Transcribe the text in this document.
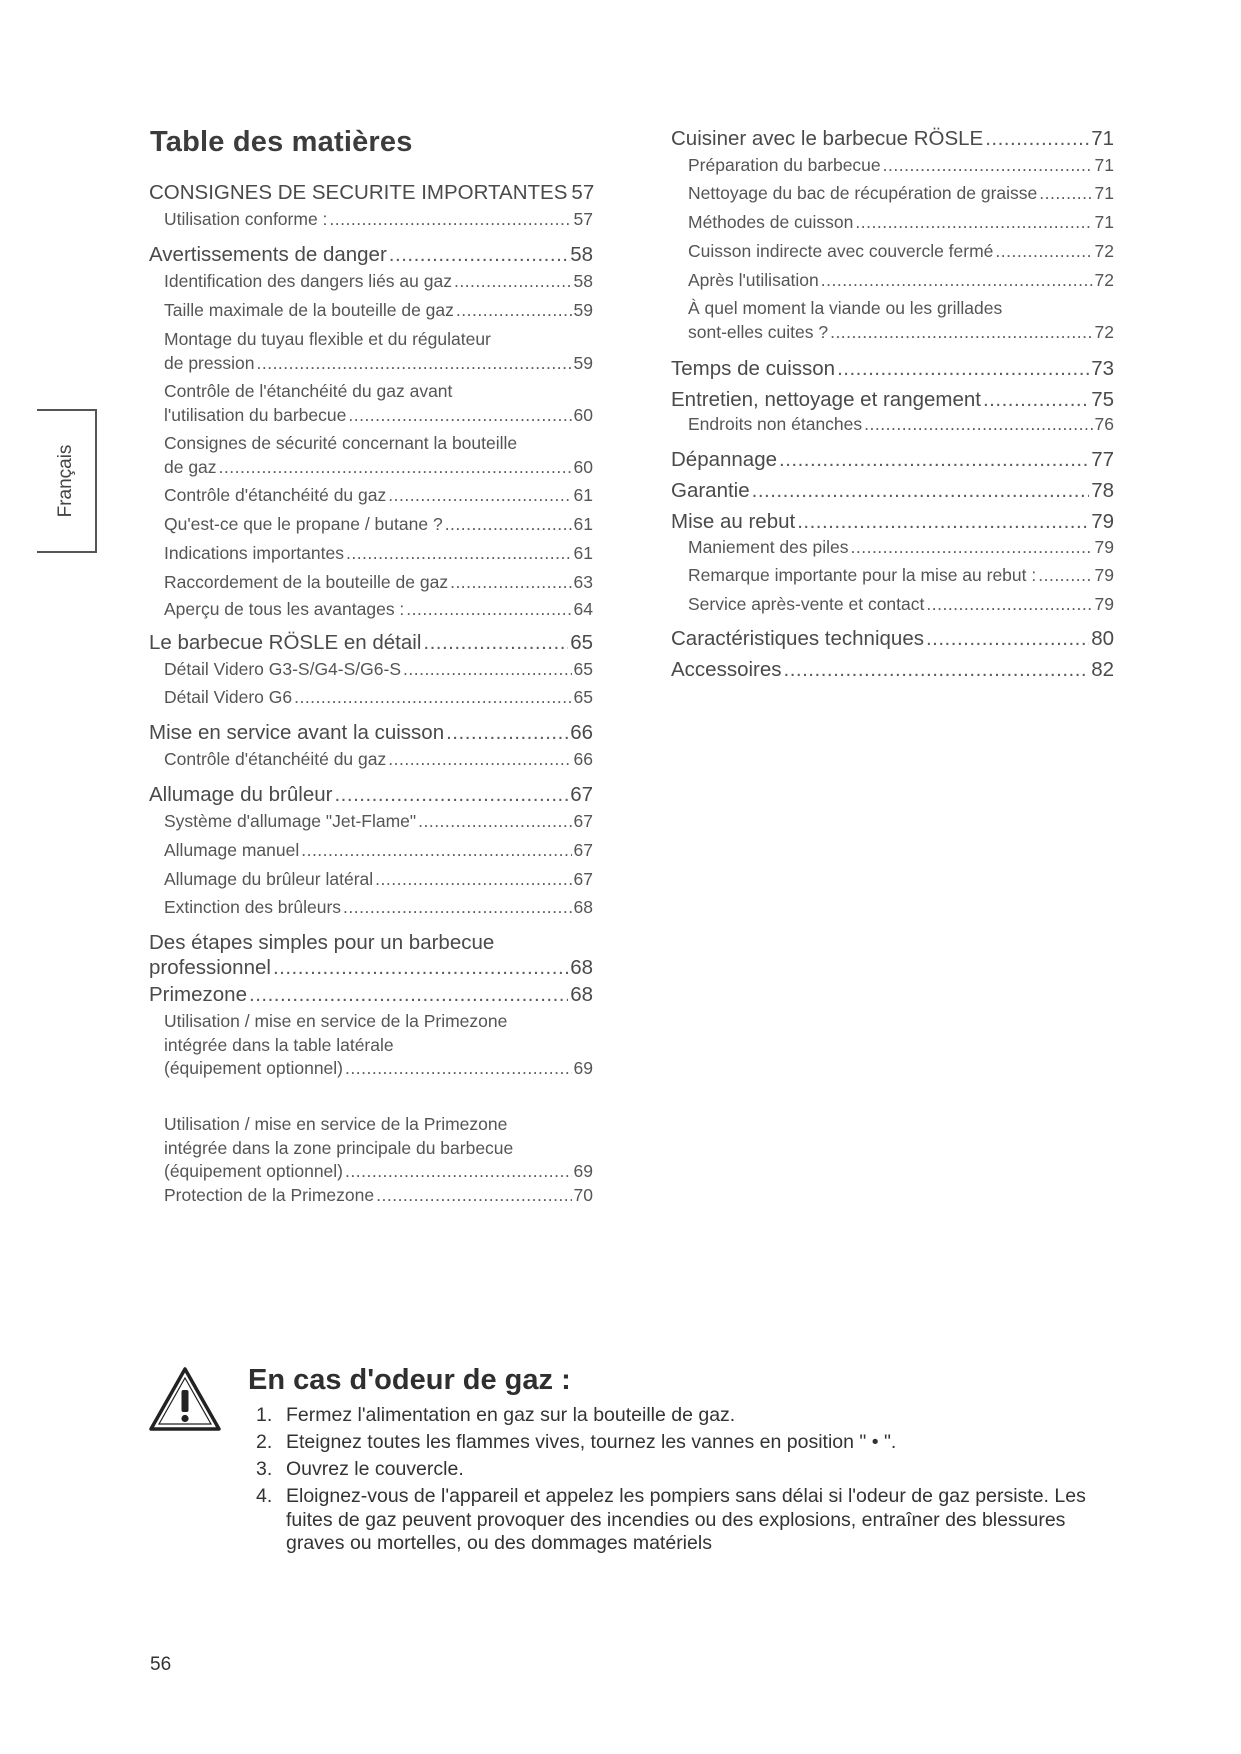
Table des matières
Français
CONSIGNES DE SECURITE IMPORTANTES 57
Utilisation conforme : .....	57
Avertissements de danger .....	58
Identification des dangers liés au gaz .....	58
Taille maximale de la bouteille de gaz .....	59
Montage du tuyau flexible et du régulateur
de pression .....	59
Contrôle de l'étanchéité du gaz avant
l'utilisation du barbecue .....	60
Consignes de sécurité concernant la bouteille
de gaz .....	60
Contrôle d'étanchéité du gaz .....	61
Qu'est-ce que le propane / butane ? .....	61
Indications importantes .....	61
Raccordement de la bouteille de gaz .....	63
Aperçu de tous les avantages : .....	64
Le barbecue RÖSLE en détail .....	65
Détail Videro G3-S/G4-S/G6-S .....	65
Détail Videro G6 .....	65
Mise en service avant la cuisson .....	66
Contrôle d'étanchéité du gaz .....	66
Allumage du brûleur .....	67
Système d'allumage "Jet-Flame" .....	67
Allumage manuel .....	67
Allumage du brûleur latéral .....	67
Extinction des brûleurs .....	68
Des étapes simples pour un barbecue
professionnel .....	68
Primezone .....	68
Utilisation / mise en service de la Primezone
intégrée dans la table latérale
(équipement optionnel) .....	69
Utilisation / mise en service de la Primezone
intégrée dans la zone principale du barbecue
(équipement optionnel) .....	69
Protection de la Primezone .....	70
Cuisiner avec le barbecue RÖSLE .....	71
Préparation du barbecue .....	71
Nettoyage du bac de récupération de graisse .....	71
Méthodes de cuisson .....	71
Cuisson indirecte avec couvercle fermé .....	72
Après l'utilisation .....	72
À quel moment la viande ou les grillades
sont-elles cuites ? .....	72
Temps de cuisson .....	73
Entretien, nettoyage et rangement .....	75
Endroits non étanches .....	76
Dépannage .....	77
Garantie .....	78
Mise au rebut .....	79
Maniement des piles .....	79
Remarque importante pour la mise au rebut : .....	79
Service après-vente et contact .....	79
Caractéristiques techniques .....	80
Accessoires .....	82
En cas d'odeur de gaz :
1. Fermez l'alimentation en gaz sur la bouteille de gaz.
2. Eteignez toutes les flammes vives, tournez les vannes en position " • ".
3. Ouvrez le couvercle.
4. Eloignez-vous de l'appareil et appelez les pompiers sans délai si l'odeur de gaz persiste. Les fuites de gaz peuvent provoquer des incendies ou des explosions, entraîner des blessures graves ou mortelles, ou des dommages matériels
56
